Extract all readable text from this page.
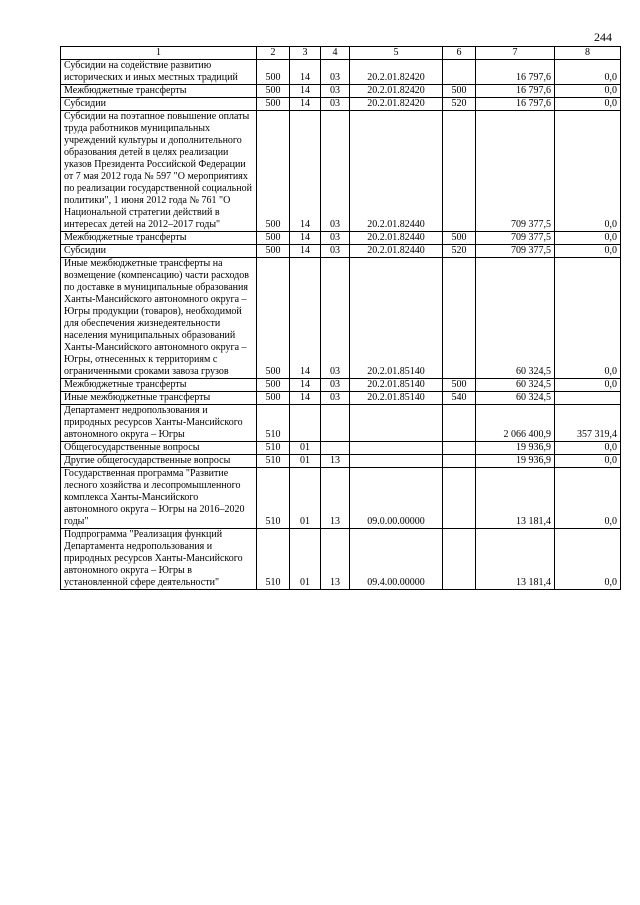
244
1	2	3	4	5	6	7	8
Субсидии на содействие развитию исторических и иных местных традиций	500	14	03	20.2.01.82420		16 797,6	0,0
Межбюджетные трансферты	500	14	03	20.2.01.82420	500	16 797,6	0,0
Субсидии	500	14	03	20.2.01.82420	520	16 797,6	0,0
Субсидии на поэтапное повышение оплаты труда работников муниципальных учреждений культуры и дополнительного образования детей в целях реализации указов Президента Российской Федерации от 7 мая 2012 года № 597 "О мероприятиях по реализации государственной социальной политики", 1 июня 2012 года № 761 "О Национальной стратегии действий в интересах детей на 2012–2017 годы"	500	14	03	20.2.01.82440		709 377,5	0,0
Межбюджетные трансферты	500	14	03	20.2.01.82440	500	709 377,5	0,0
Субсидии	500	14	03	20.2.01.82440	520	709 377,5	0,0
Иные межбюджетные трансферты на возмещение (компенсацию) части расходов по доставке в муниципальные образования Ханты-Мансийского автономного округа – Югры продукции (товаров), необходимой для обеспечения жизнедеятельности населения муниципальных образований Ханты-Мансийского автономного округа – Югры, отнесенных к территориям с ограниченными сроками завоза грузов	500	14	03	20.2.01.85140		60 324,5	0,0
Межбюджетные трансферты	500	14	03	20.2.01.85140	500	60 324,5	0,0
Иные межбюджетные трансферты	500	14	03	20.2.01.85140	540	60 324,5	
Департамент недропользования и природных ресурсов Ханты-Мансийского автономного округа – Югры	510					2 066 400,9	357 319,4
Общегосударственные вопросы	510	01				19 936,9	0,0
Другие общегосударственные вопросы	510	01	13			19 936,9	0,0
Государственная программа "Развитие лесного хозяйства и лесопромышленного комплекса Ханты-Мансийского автономного округа – Югры на 2016–2020 годы"	510	01	13	09.0.00.00000		13 181,4	0,0
Подпрограмма "Реализация функций Департамента недропользования и природных ресурсов Ханты-Мансийского автономного округа – Югры в установленной сфере деятельности"	510	01	13	09.4.00.00000		13 181,4	0,0
